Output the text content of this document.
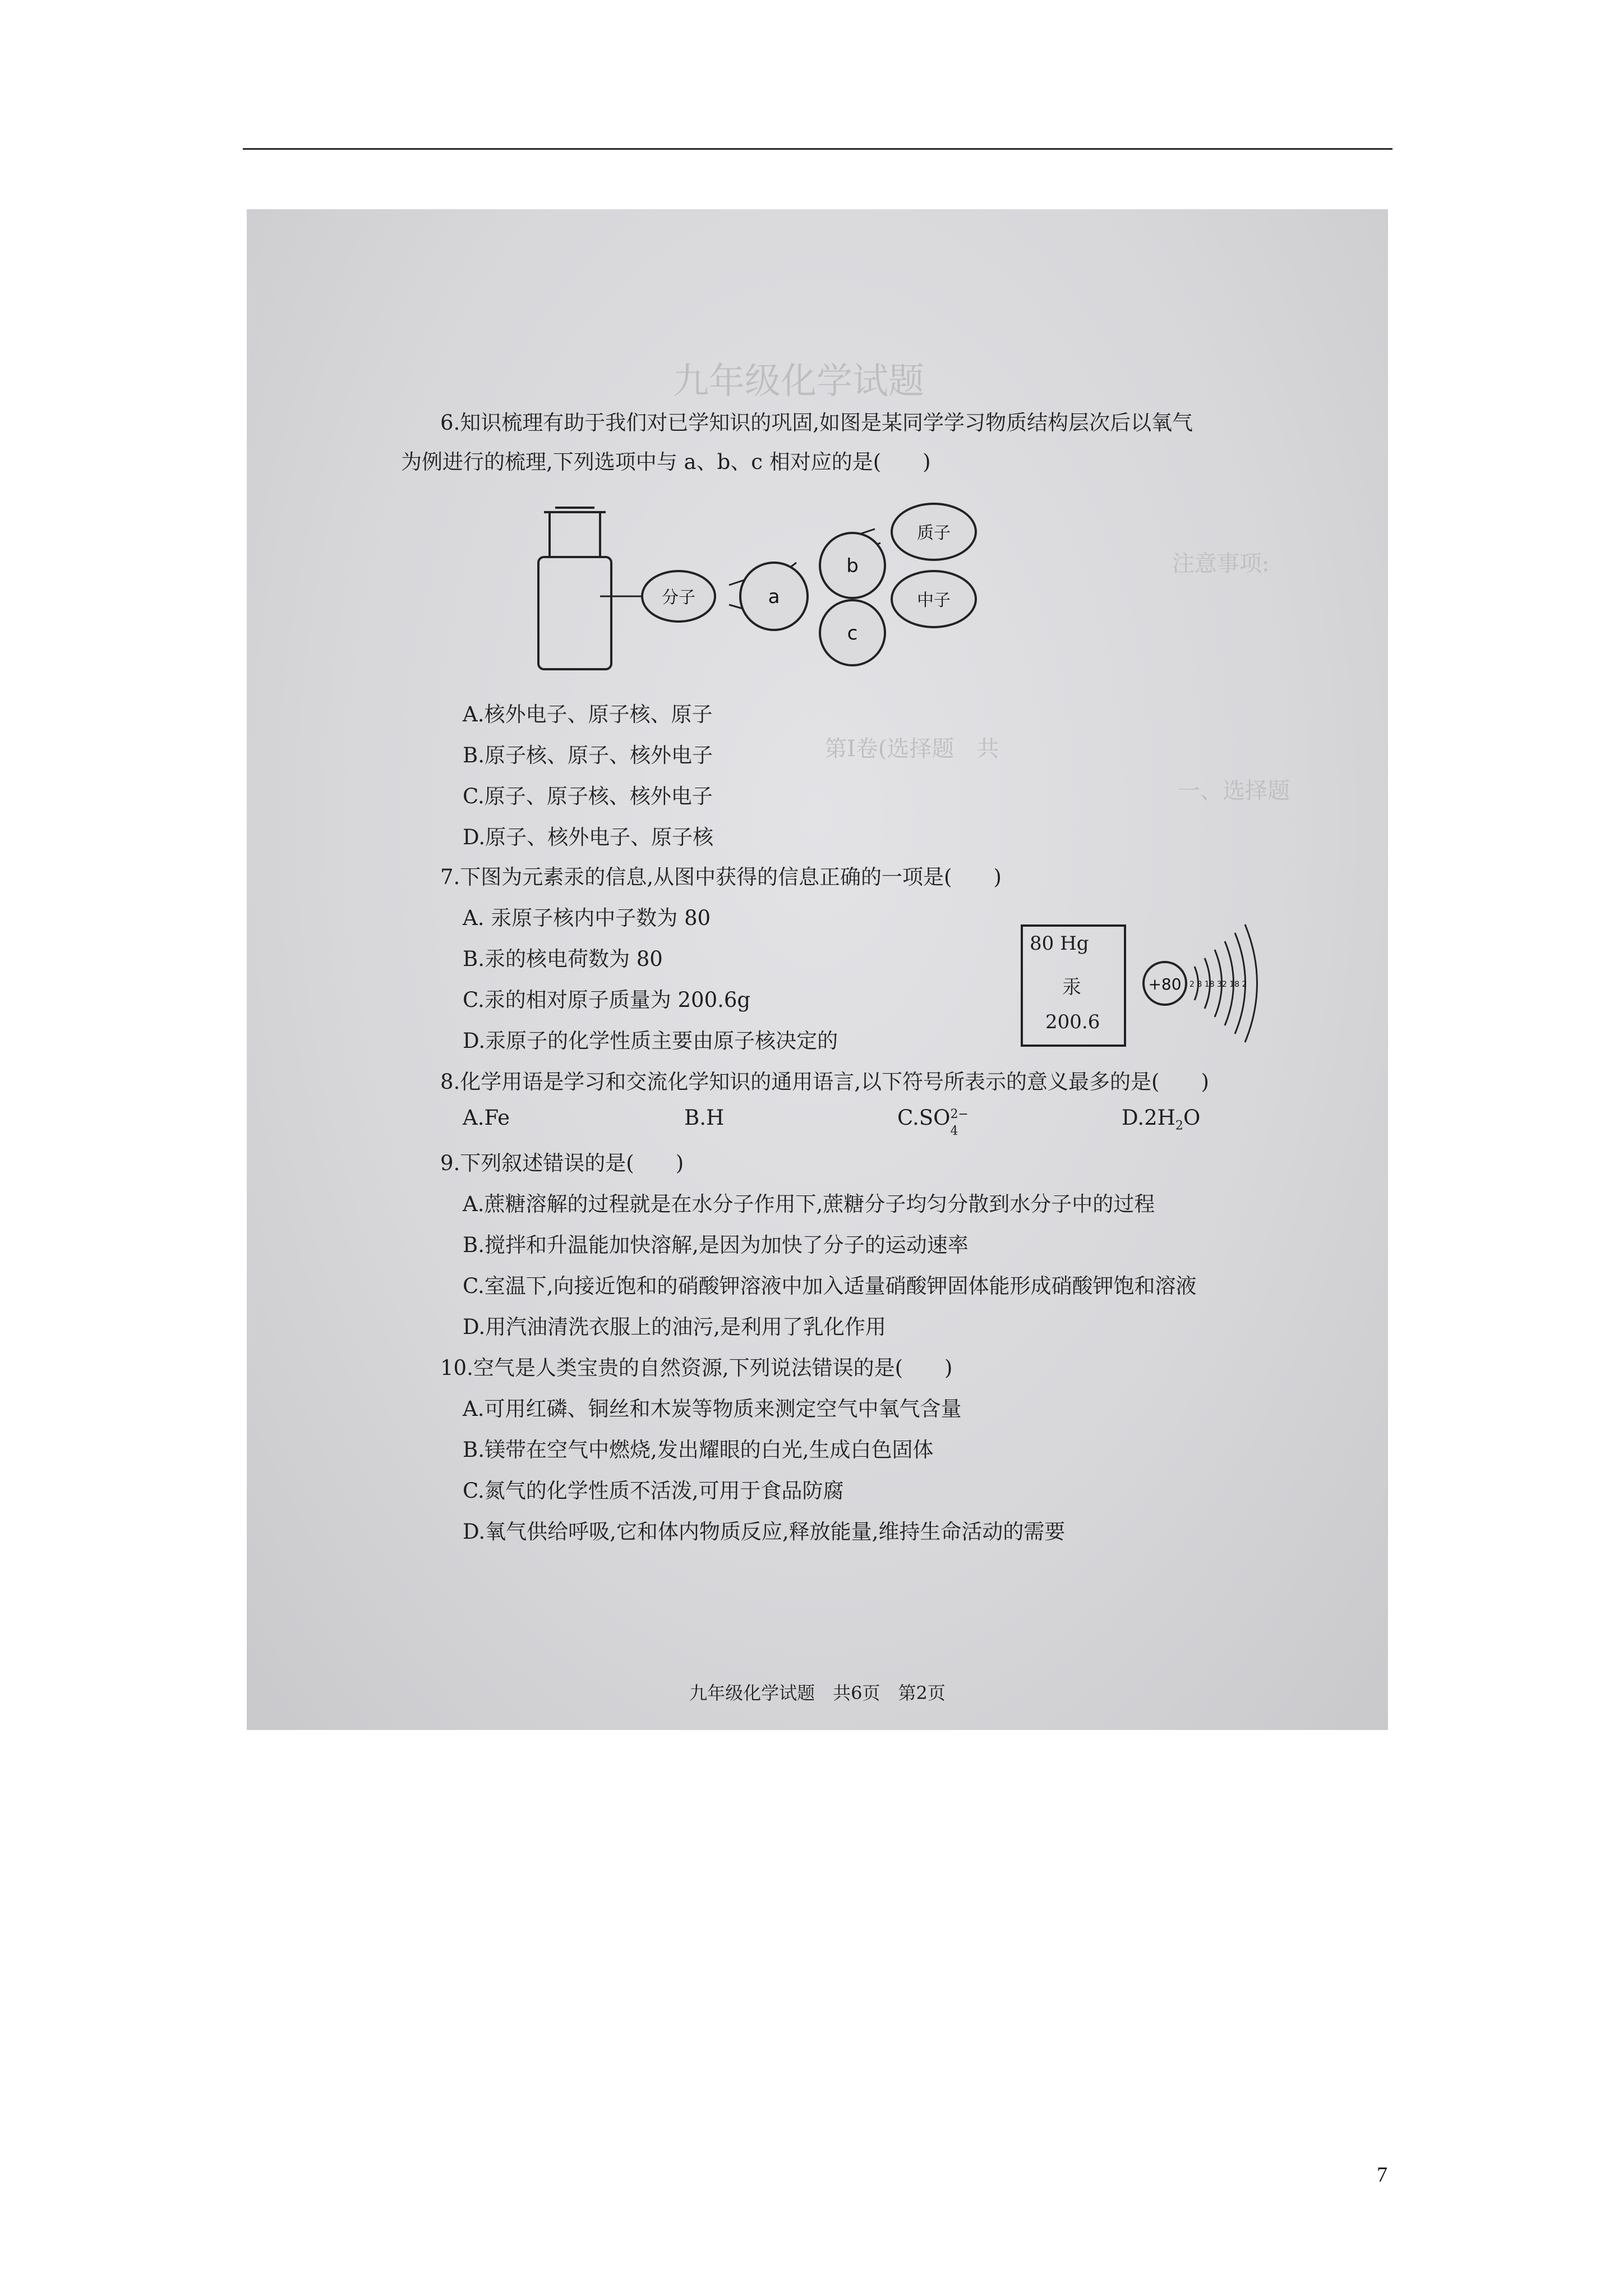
九年级化学试题
注意事项:
第Ⅰ卷(选择题　共
一、选择题
6.知识梳理有助于我们对已学知识的巩固,如图是某同学学习物质结构层次后以氧气
为例进行的梳理,下列选项中与 a、b、c 相对应的是(　　)
分子	a
b
c
质子
中子
A.核外电子、原子核、原子
B.原子核、原子、核外电子
C.原子、原子核、核外电子
D.原子、核外电子、原子核
7.下图为元素汞的信息,从图中获得的信息正确的一项是(　　)
A. 汞原子核内中子数为 80
B.汞的核电荷数为 80
C.汞的相对原子质量为 200.6g
D.汞原子的化学性质主要由原子核决定的
80 Hg
汞
200.6
+80 2 8 18 32 18 2
8.化学用语是学习和交流化学知识的通用语言,以下符号所表示的意义最多的是(　　)
A.Fe	B.H	C.SO 2−
4
$D.2H_2O$
9.下列叙述错误的是(　　)
A.蔗糖溶解的过程就是在水分子作用下,蔗糖分子均匀分散到水分子中的过程
B.搅拌和升温能加快溶解,是因为加快了分子的运动速率
C.室温下,向接近饱和的硝酸钾溶液中加入适量硝酸钾固体能形成硝酸钾饱和溶液
D.用汽油清洗衣服上的油污,是利用了乳化作用
10.空气是人类宝贵的自然资源,下列说法错误的是(　　)
A.可用红磷、铜丝和木炭等物质来测定空气中氧气含量
B.镁带在空气中燃烧,发出耀眼的白光,生成白色固体
C.氮气的化学性质不活泼,可用于食品防腐
D.氧气供给呼吸,它和体内物质反应,释放能量,维持生命活动的需要
九年级化学试题　共6页　第2页
7
